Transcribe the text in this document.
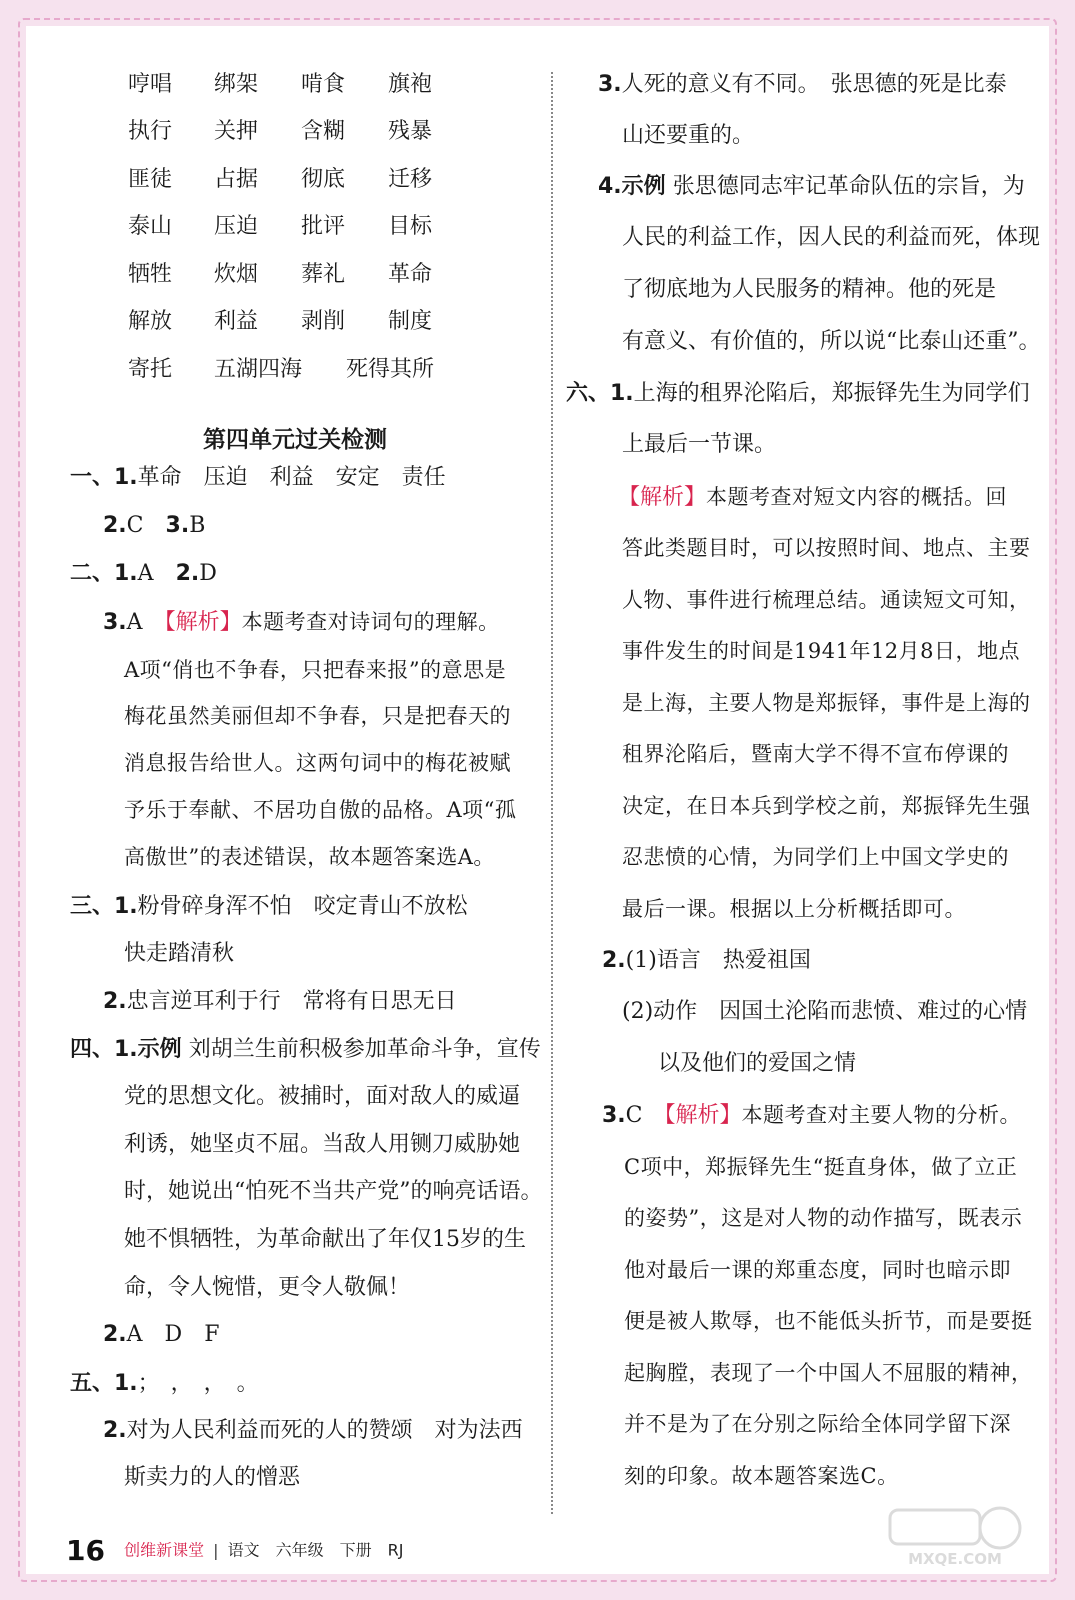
哼唱 绑架 啃食 旗袍
执行 关押 含糊 残暴
匪徒 占据 彻底 迁移
泰山 压迫 批评 目标
牺牲 炊烟 葬礼 革命
解放 利益 剥削 制度
寄托 五湖四海 死得其所
第四单元过关检测
一、1.革命　压迫　利益　安定　责任
2.C　3.B
二、1.A　2.D
3.A　【解析】本题考查对诗词句的理解。
A项“俏也不争春，只把春来报”的意思是
梅花虽然美丽但却不争春，只是把春天的
消息报告给世人。这两句词中的梅花被赋
予乐于奉献、不居功自傲的品格。A项“孤
高傲世”的表述错误，故本题答案选A。
三、1.粉骨碎身浑不怕　咬定青山不放松
快走踏清秋
2.忠言逆耳利于行　常将有日思无日
四、1.示例 刘胡兰生前积极参加革命斗争，宣传
党的思想文化。被捕时，面对敌人的威逼
利诱，她坚贞不屈。当敌人用铡刀威胁她
时，她说出“怕死不当共产党”的响亮话语。
她不惧牺牲，为革命献出了年仅15岁的生
命，令人惋惜，更令人敬佩！
2.A　D　F
五、1.；　，　，　。
2.对为人民利益而死的人的赞颂　对为法西
斯卖力的人的憎恶
3.人死的意义有不同。　张思德的死是比泰
山还要重的。
4.示例 张思德同志牢记革命队伍的宗旨，为
人民的利益工作，因人民的利益而死，体现
了彻底地为人民服务的精神。他的死是
有意义、有价值的，所以说“比泰山还重”。
六、1.上海的租界沦陷后，郑振铎先生为同学们
上最后一节课。
【解析】本题考查对短文内容的概括。回
答此类题目时，可以按照时间、地点、主要
人物、事件进行梳理总结。通读短文可知，
事件发生的时间是1941年12月8日，地点
是上海，主要人物是郑振铎，事件是上海的
租界沦陷后，暨南大学不得不宣布停课的
决定，在日本兵到学校之前，郑振铎先生强
忍悲愤的心情，为同学们上中国文学史的
最后一课。根据以上分析概括即可。
2.(1)语言　热爱祖国
(2)动作　因国土沦陷而悲愤、难过的心情
以及他们的爱国之情
3.C　【解析】本题考查对主要人物的分析。
C项中，郑振铎先生“挺直身体，做了立正
的姿势”，这是对人物的动作描写，既表示
他对最后一课的郑重态度，同时也暗示即
便是被人欺辱，也不能低头折节，而是要挺
起胸膛，表现了一个中国人不屈服的精神，
并不是为了在分别之际给全体同学留下深
刻的印象。故本题答案选C。
16 创维新课堂 | 语文　六年级　下册　RJ	MXQE.COM
